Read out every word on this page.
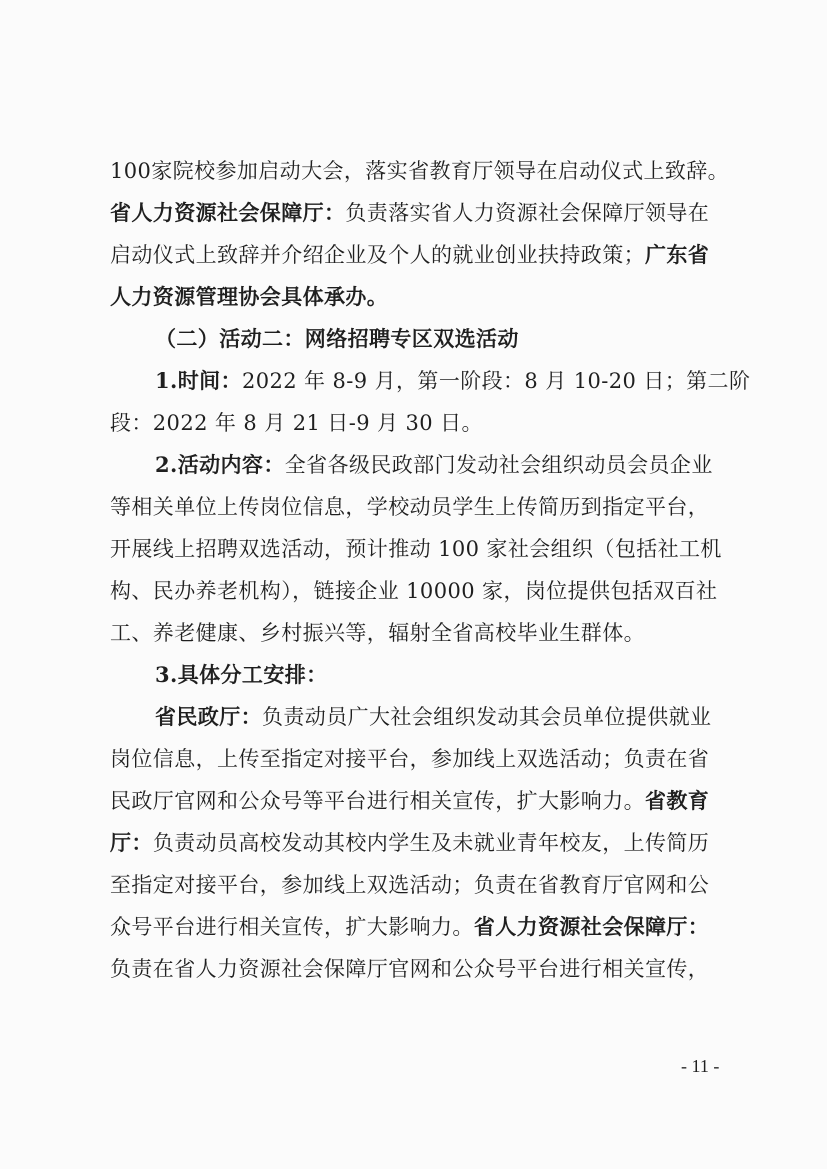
100家院校参加启动大会，落实省教育厅领导在启动仪式上致辞。
省人力资源社会保障厅：负责落实省人力资源社会保障厅领导在
启动仪式上致辞并介绍企业及个人的就业创业扶持政策；广东省
人力资源管理协会具体承办。
（二）活动二：网络招聘专区双选活动
1.时间：2022 年 8-9 月，第一阶段：8 月 10-20 日；第二阶
段：2022 年 8 月 21 日-9 月 30 日。
2.活动内容：全省各级民政部门发动社会组织动员会员企业
等相关单位上传岗位信息，学校动员学生上传简历到指定平台，
开展线上招聘双选活动，预计推动 100 家社会组织（包括社工机
构、民办养老机构），链接企业 10000 家，岗位提供包括双百社
工、养老健康、乡村振兴等，辐射全省高校毕业生群体。
3.具体分工安排：
省民政厅：负责动员广大社会组织发动其会员单位提供就业
岗位信息，上传至指定对接平台，参加线上双选活动；负责在省
民政厅官网和公众号等平台进行相关宣传，扩大影响力。省教育
厅：负责动员高校发动其校内学生及未就业青年校友，上传简历
至指定对接平台，参加线上双选活动；负责在省教育厅官网和公
众号平台进行相关宣传，扩大影响力。省人力资源社会保障厅：
负责在省人力资源社会保障厅官网和公众号平台进行相关宣传，
- 11 -
